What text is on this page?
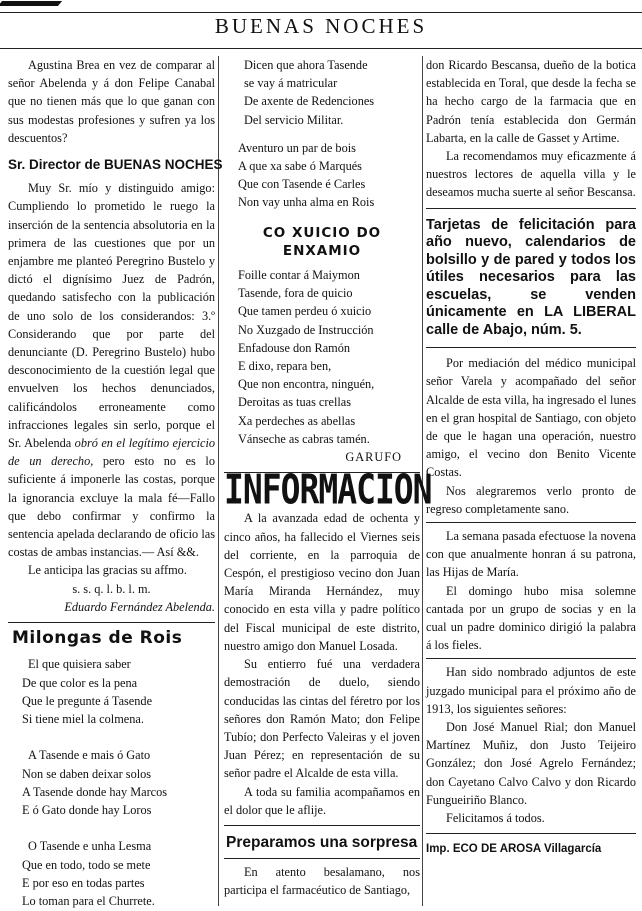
BUENAS NOCHES

Agustina Brea en vez de comparar al señor Abelenda y á don Felipe Canabal que no tienen más que lo que ganan con sus modestas profesiones y sufren ya los descuentos?

Sr. Director de BUENAS NOCHES

Muy Sr. mío y distinguido amigo: Cumpliendo lo prometido le ruego la inserción de la sentencia absolutoria en la primera de las cuestiones que por un enjambre me planteó Peregrino Bustelo y dictó el dignísimo Juez de Padrón, quedando satisfecho con la publicación de uno solo de los considerandos: 3.º Considerando que por parte del denunciante (D. Peregrino Bustelo) hubo desconocimiento de la cuestión legal que envuelven los hechos denunciados, calificándolos erroneamente como infracciones legales sin serlo, porque el Sr. Abelenda obró en el legítimo ejercicio de un derecho, pero esto no es lo suficiente á imponerle las costas, porque la ignorancia excluye la mala fé—Fallo que debo confirmar y confirmo la sentencia apelada declarando de oficio las costas de ambas instancias.— Así &&.

Le anticipa las gracias su affmo.

s. s. q. l. b. l. m.

Eduardo Fernández Abelenda.

Milongas de Rois

El que quisiera saber

De que color es la pena

Que le pregunte á Tasende

Si tiene miel la colmena.

A Tasende e mais ó Gato

Non se daben deixar solos

A Tasende donde hay Marcos

E ó Gato donde hay Loros

O Tasende e unha Lesma

Que en todo, todo se mete

E por eso en todas partes

Lo toman para el Churrete.

Dicen que ahora Tasende

se vay á matricular

De axente de Redenciones

Del servicio Militar.

Aventuro un par de bois

A que xa sabe ó Marqués

Que con Tasende é Carles

Non vay unha alma en Rois

CO XUICIO DO ENXAMIO

Foille contar á Maiymon

Tasende, fora de quicio

Que tamen perdeu ó xuicio

No Xuzgado de Instrucción

Enfadouse don Ramón

E dixo, repara ben,

Que non encontra, ninguén,

Deroitas as tuas crellas

Xa perdeches as abellas

Vánseche as cabras tamén.

GARUFO

INFORMACION

A la avanzada edad de ochenta y cinco años, ha fallecido el Viernes seis del corriente, en la parroquia de Cespón, el prestigioso vecino don Juan María Miranda Hernández, muy conocido en esta villa y padre político del Fiscal municipal de este distrito, nuestro amigo don Manuel Losada.

Su entierro fué una verdadera demostración de duelo, siendo conducidas las cintas del féretro por los señores don Ramón Mato; don Felipe Tubío; don Perfecto Valeiras y el joven Juan Pérez; en representación de su señor padre el Alcalde de esta villa.

A toda su familia acompañamos en el dolor que le aflije.

Preparamos una sorpresa

En atento besalamano, nos participa el farmacéutico de Santiago,

don Ricardo Bescansa, dueño de la botica establecida en Toral, que desde la fecha se ha hecho cargo de la farmacia que en Padrón tenía establecida don Germán Labarta, en la calle de Gasset y Artime.

La recomendamos muy eficazmente á nuestros lectores de aquella villa y le deseamos mucha suerte al señor Bescansa.

Tarjetas de felicitación para año nuevo, calendarios de bolsillo y de pared y todos los útiles necesarios para las escuelas, se venden únicamente en LA LIBERAL calle de Abajo, núm. 5.

Por mediación del médico municipal señor Varela y acompañado del señor Alcalde de esta villa, ha ingresado el lunes en el gran hospital de Santiago, con objeto de que le hagan una operación, nuestro amigo, el vecino don Benito Vicente Costas.

Nos alegraremos verlo pronto de regreso completamente sano.

La semana pasada efectuose la novena con que anualmente honran á su patrona, las Hijas de María.

El domingo hubo misa solemne cantada por un grupo de socias y en la cual un padre dominico dirigió la palabra á los fieles.

Han sido nombrado adjuntos de este juzgado municipal para el próximo año de 1913, los siguientes señores:

Don José Manuel Rial; don Manuel Martínez Muñiz, don Justo Teijeiro González; don José Agrelo Fernández; don Cayetano Calvo Calvo y don Ricardo Fungueiriño Blanco.

Felicitamos á todos.

Imp. ECO DE AROSA Villagarcía
